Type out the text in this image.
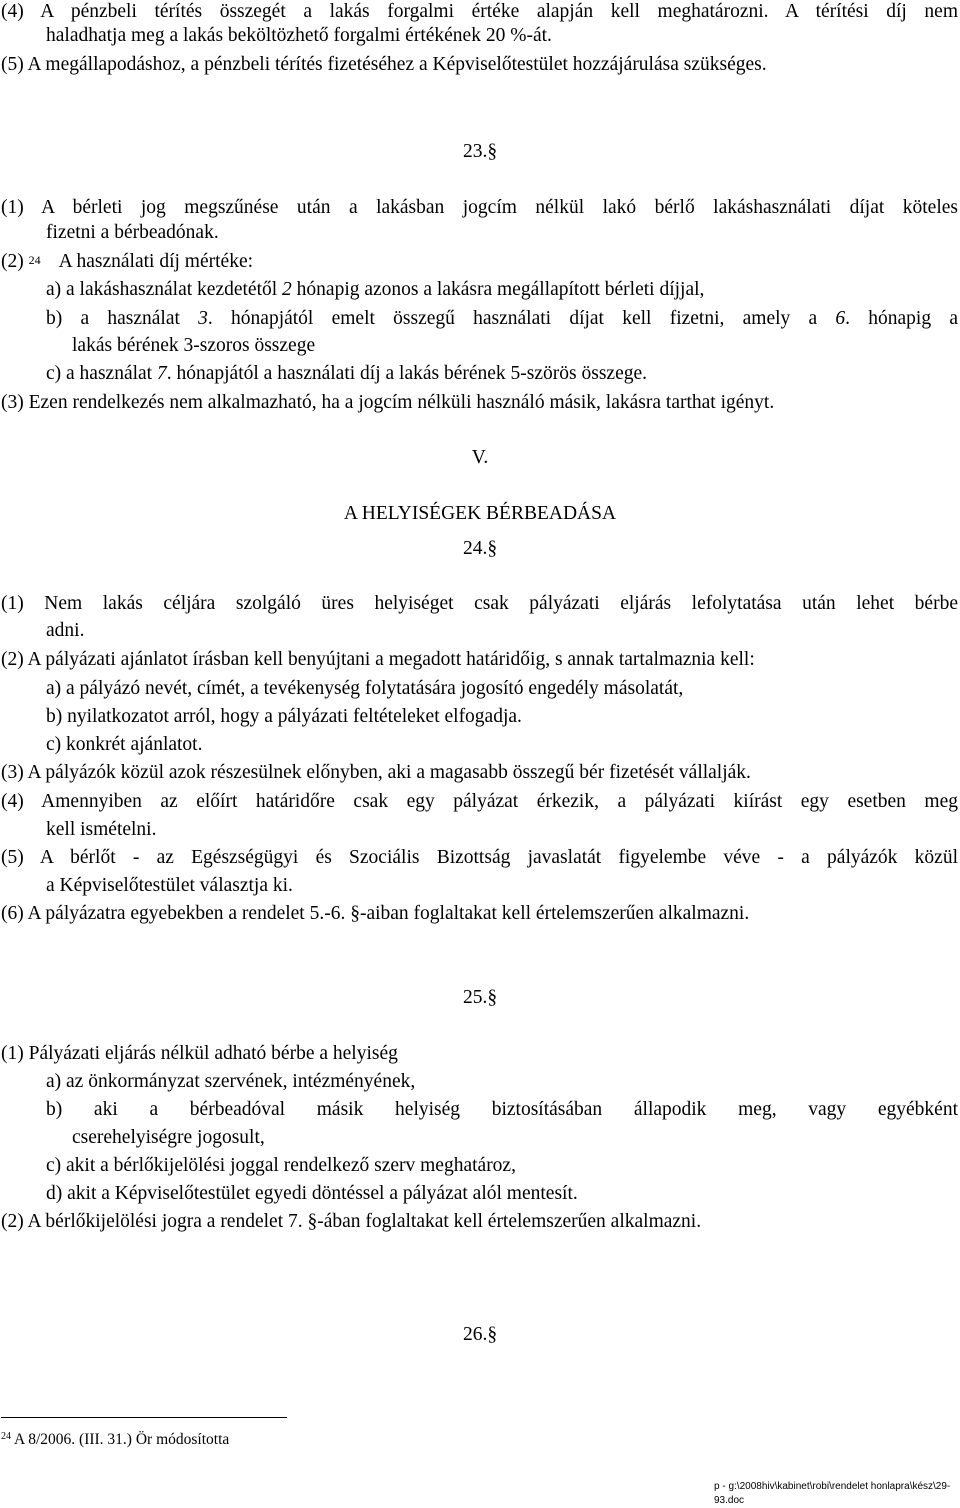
(4) A pénzbeli térítés összegét a lakás forgalmi értéke alapján kell meghatározni. A térítési díj nem
haladhatja meg a lakás beköltözhető forgalmi értékének 20 %-át.
(5) A megállapodáshoz, a pénzbeli térítés fizetéséhez a Képviselőtestület hozzájárulása szükséges.
23.§
(1) A bérleti jog megszűnése után a lakásban jogcím nélkül lakó bérlő lakáshasználati díjat köteles
fizetni a bérbeadónak.
(2) $^{24}$ A használati díj mértéke:
a) a lakáshasználat kezdetétől 2 hónapig azonos a lakásra megállapított bérleti díjjal,
b) a használat 3. hónapjától emelt összegű használati díjat kell fizetni, amely a 6. hónapig a
lakás bérének 3-szoros összege
c) a használat 7. hónapjától a használati díj a lakás bérének 5-szörös összege.
(3) Ezen rendelkezés nem alkalmazható, ha a jogcím nélküli használó másik, lakásra tarthat igényt.
V.
A HELYISÉGEK BÉRBEADÁSA
24.§
(1) Nem lakás céljára szolgáló üres helyiséget csak pályázati eljárás lefolytatása után lehet bérbe
adni.
(2) A pályázati ajánlatot írásban kell benyújtani a megadott határidőig, s annak tartalmaznia kell:
a) a pályázó nevét, címét, a tevékenység folytatására jogosító engedély másolatát,
b) nyilatkozatot arról, hogy a pályázati feltételeket elfogadja.
c) konkrét ajánlatot.
(3) A pályázók közül azok részesülnek előnyben, aki a magasabb összegű bér fizetését vállalják.
(4) Amennyiben az előírt határidőre csak egy pályázat érkezik, a pályázati kiírást egy esetben meg
kell ismételni.
(5) A bérlőt - az Egészségügyi és Szociális Bizottság javaslatát figyelembe véve - a pályázók közül
a Képviselőtestület választja ki.
(6) A pályázatra egyebekben a rendelet 5.-6. §-aiban foglaltakat kell értelemszerűen alkalmazni.
25.§
(1) Pályázati eljárás nélkül adható bérbe a helyiség
a) az önkormányzat szervének, intézményének,
b) aki a bérbeadóval másik helyiség biztosításában állapodik meg, vagy egyébként
cserehelyiségre jogosult,
c) akit a bérlőkijelölési joggal rendelkező szerv meghatároz,
d) akit a Képviselőtestület egyedi döntéssel a pályázat alól mentesít.
(2) A bérlőkijelölési jogra a rendelet 7. §-ában foglaltakat kell értelemszerűen alkalmazni.
26.§
$^{24}$ A 8/2006. (III. 31.) Ör módosította
p - g:\2008hiv\kabinet\robi\rendelet honlapra\kész\29-93.doc
